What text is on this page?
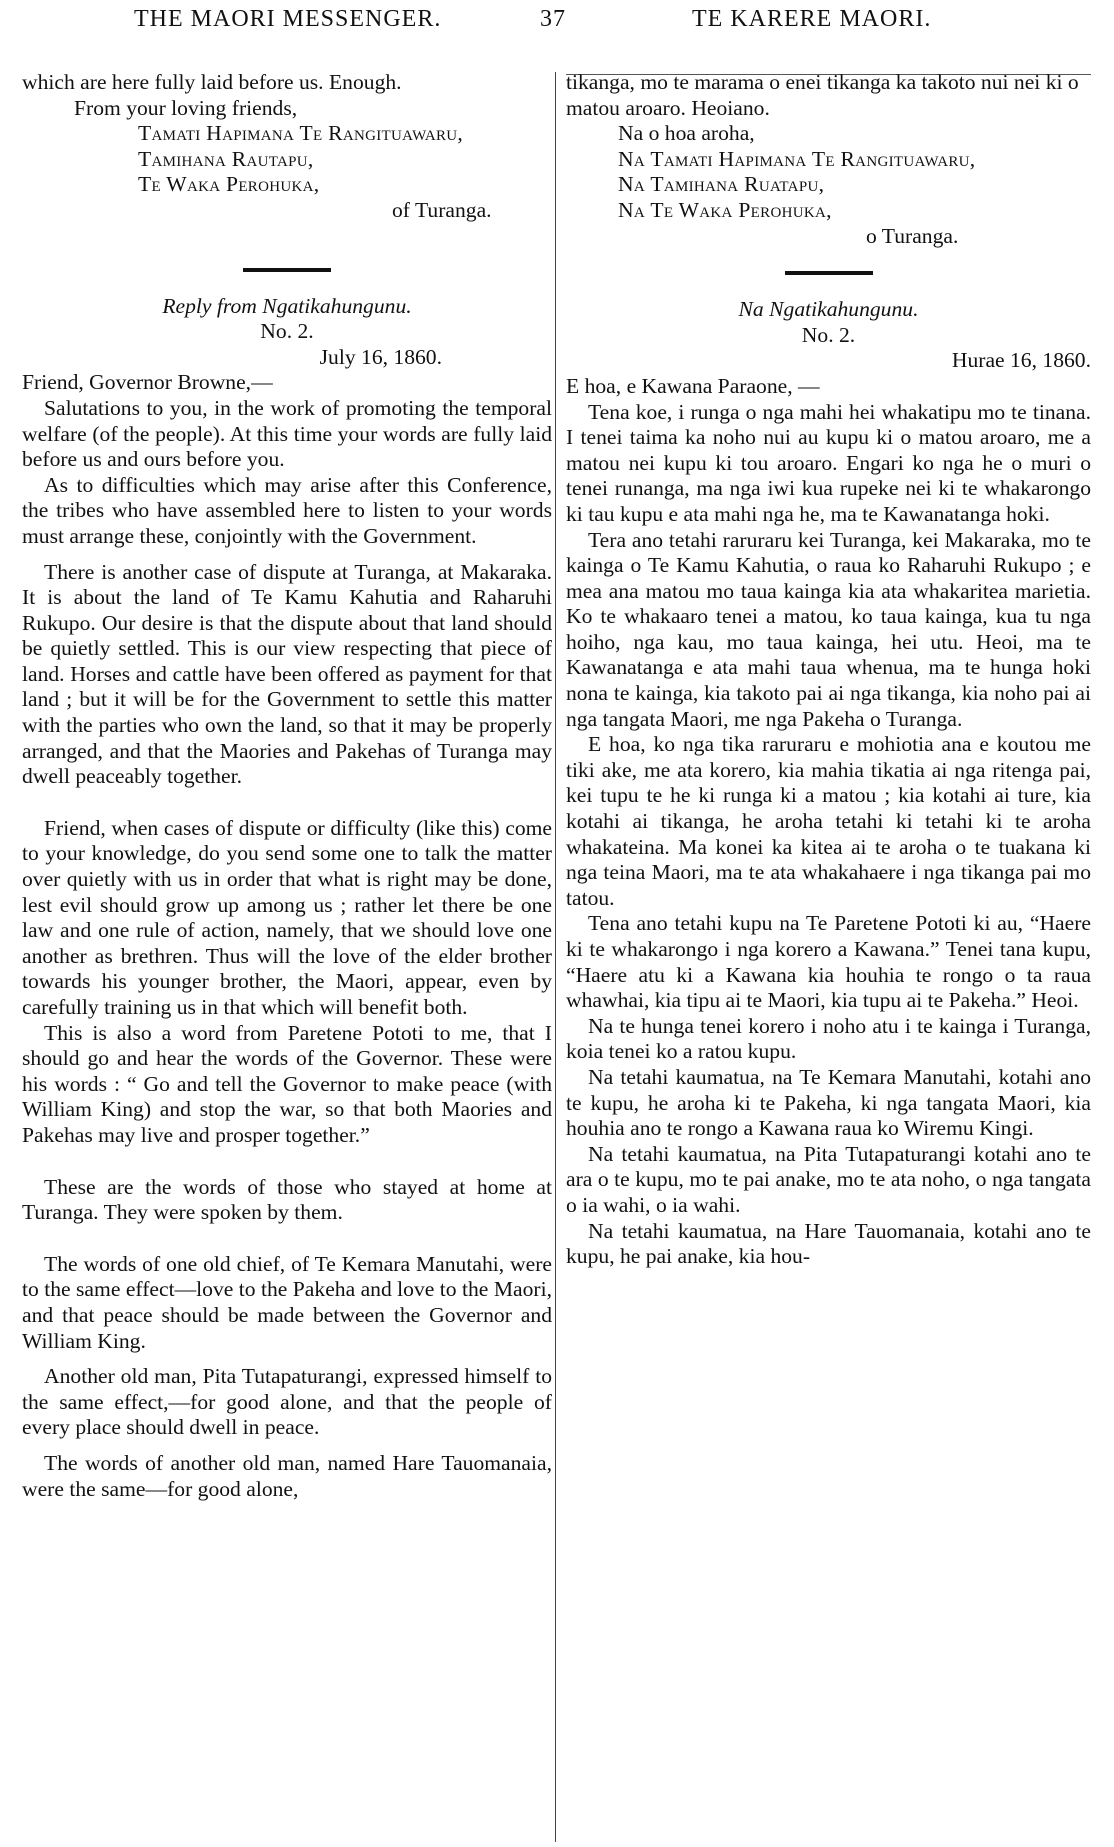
THE MAORI MESSENGER.	37	TE KARERE MAORI.

which are here fully laid before us. Enough.

From your loving friends,

Tamati Hapimana Te Rangituawaru,

Tamihana Rautapu,

Te Waka Perohuka,

of Turanga.

Reply from Ngatikahungunu.

No. 2.

July 16, 1860.

Friend, Governor Browne,—

Salutations to you, in the work of promoting the temporal welfare (of the people). At this time your words are fully laid before us and ours before you.

As to difficulties which may arise after this Conference, the tribes who have assembled here to listen to your words must arrange these, conjointly with the Government.

There is another case of dispute at Turanga, at Makaraka. It is about the land of Te Kamu Kahutia and Raharuhi Rukupo. Our desire is that the dispute about that land should be quietly settled. This is our view respecting that piece of land. Horses and cattle have been offered as payment for that land ; but it will be for the Government to settle this matter with the parties who own the land, so that it may be properly arranged, and that the Maories and Pakehas of Turanga may dwell peaceably together.

Friend, when cases of dispute or difficulty (like this) come to your knowledge, do you send some one to talk the matter over quietly with us in order that what is right may be done, lest evil should grow up among us ; rather let there be one law and one rule of action, namely, that we should love one another as brethren. Thus will the love of the elder brother towards his younger brother, the Maori, appear, even by carefully training us in that which will benefit both.

This is also a word from Paretene Pototi to me, that I should go and hear the words of the Governor. These were his words : “ Go and tell the Governor to make peace (with William King) and stop the war, so that both Maories and Pakehas may live and prosper together.”

These are the words of those who stayed at home at Turanga. They were spoken by them.

The words of one old chief, of Te Kemara Manutahi, were to the same effect—love to the Pakeha and love to the Maori, and that peace should be made between the Governor and William King.

Another old man, Pita Tutapaturangi, expressed himself to the same effect,—for good alone, and that the people of every place should dwell in peace.

The words of another old man, named Hare Tauomanaia, were the same—for good alone,

tikanga, mo te marama o enei tikanga ka takoto nui nei ki o matou aroaro. Heoiano.

Na o hoa aroha,

Na Tamati Hapimana Te Rangituawaru,

Na Tamihana Ruatapu,

Na Te Waka Perohuka,

o Turanga.

Na Ngatikahungunu.

No. 2.

Hurae 16, 1860.

E hoa, e Kawana Paraone, —

Tena koe, i runga o nga mahi hei whakatipu mo te tinana. I tenei taima ka noho nui au kupu ki o matou aroaro, me a matou nei kupu ki tou aroaro. Engari ko nga he o muri o tenei runanga, ma nga iwi kua rupeke nei ki te whakarongo ki tau kupu e ata mahi nga he, ma te Kawanatanga hoki.

Tera ano tetahi raruraru kei Turanga, kei Makaraka, mo te kainga o Te Kamu Kahutia, o raua ko Raharuhi Rukupo ; e mea ana matou mo taua kainga kia ata whakaritea marietia. Ko te whakaaro tenei a matou, ko taua kainga, kua tu nga hoiho, nga kau, mo taua kainga, hei utu. Heoi, ma te Kawanatanga e ata mahi taua whenua, ma te hunga hoki nona te kainga, kia takoto pai ai nga tikanga, kia noho pai ai nga tangata Maori, me nga Pakeha o Turanga.

E hoa, ko nga tika raruraru e mohiotia ana e koutou me tiki ake, me ata korero, kia mahia tikatia ai nga ritenga pai, kei tupu te he ki runga ki a matou ; kia kotahi ai ture, kia kotahi ai tikanga, he aroha tetahi ki tetahi ki te aroha whakateina. Ma konei ka kitea ai te aroha o te tuakana ki nga teina Maori, ma te ata whakahaere i nga tikanga pai mo tatou.

Tena ano tetahi kupu na Te Paretene Pototi ki au, “Haere ki te whakarongo i nga korero a Kawana.” Tenei tana kupu, “Haere atu ki a Kawana kia houhia te rongo o ta raua whawhai, kia tipu ai te Maori, kia tupu ai te Pakeha.” Heoi.

Na te hunga tenei korero i noho atu i te kainga i Turanga, koia tenei ko a ratou kupu.

Na tetahi kaumatua, na Te Kemara Manutahi, kotahi ano te kupu, he aroha ki te Pakeha, ki nga tangata Maori, kia houhia ano te rongo a Kawana raua ko Wiremu Kingi.

Na tetahi kaumatua, na Pita Tutapaturangi kotahi ano te ara o te kupu, mo te pai anake, mo te ata noho, o nga tangata o ia wahi, o ia wahi.

Na tetahi kaumatua, na Hare Tauomanaia, kotahi ano te kupu, he pai anake, kia hou-
